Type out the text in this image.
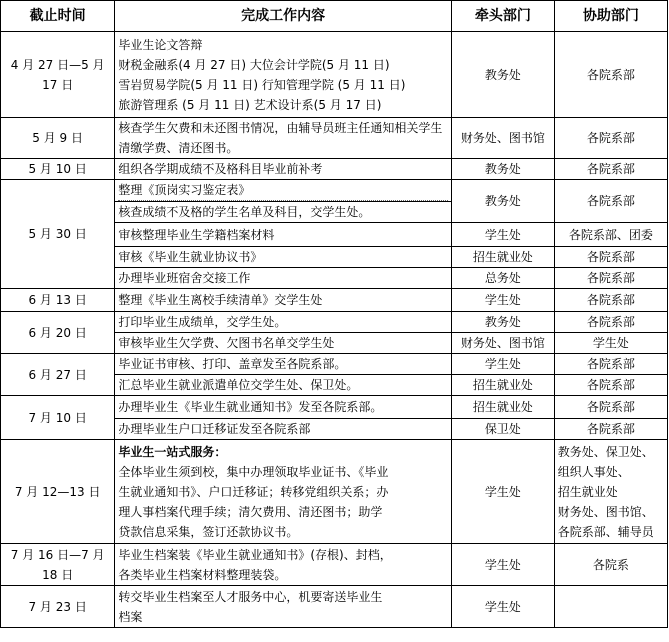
截止时间	完成工作内容	牵头部门	协助部门
4 月 27 日—5 月 17 日	毕业生论文答辩
财税金融系(4 月 27 日) 大位会计学院(5 月 11 日)
雪岩贸易学院(5 月 11 日) 行知管理学院 (5 月 11 日)
旅游管理系 (5 月 11 日) 艺术设计系(5 月 17 日)	教务处	各院系部
5 月 9 日	核查学生欠费和未还图书情况，由辅导员班主任通知相关学生清缴学费、清还图书。	财务处、图书馆	各院系部
5 月 10 日	组织各学期成绩不及格科目毕业前补考	教务处	各院系部
5 月 30 日	整理《顶岗实习鉴定表》	教务处	各院系部
	核查成绩不及格的学生名单及科目，交学生处。		
	审核整理毕业生学籍档案材料	学生处	各院系部、团委
	审核《毕业生就业协议书》	招生就业处	各院系部
	办理毕业班宿舍交接工作	总务处	各院系部
6 月 13 日	整理《毕业生离校手续清单》交学生处	学生处	各院系部
6 月 20 日	打印毕业生成绩单，交学生处。	教务处	各院系部
	审核毕业生欠学费、欠图书名单交学生处	财务处、图书馆	学生处
6 月 27 日	毕业证书审核、打印、盖章发至各院系部。	学生处	各院系部
	汇总毕业生就业派遣单位交学生处、保卫处。	招生就业处	各院系部
7 月 10 日	办理毕业生《毕业生就业通知书》发至各院系部。	招生就业处	各院系部
	办理毕业生户口迁移证发至各院系部	保卫处	各院系部
7 月 12—13 日	毕业生一站式服务：
全体毕业生须到校，集中办理领取毕业证书、《毕业
生就业通知书》、户口迁移证；转移党组织关系；办
理人事档案代理手续；清欠费用、清还图书；助学
贷款信息采集，签订还款协议书。	学生处	教务处、保卫处、
组织人事处、
招生就业处
财务处、图书馆、
各院系部、辅导员

7 月 16 日—7 月
18 日	毕业生档案装《毕业生就业通知书》(存根)、封档，
各类毕业生档案材料整理装袋。	学生处	各院系
7 月 23 日	转交毕业生档案至人才服务中心，机要寄送毕业生
档案	学生处	
